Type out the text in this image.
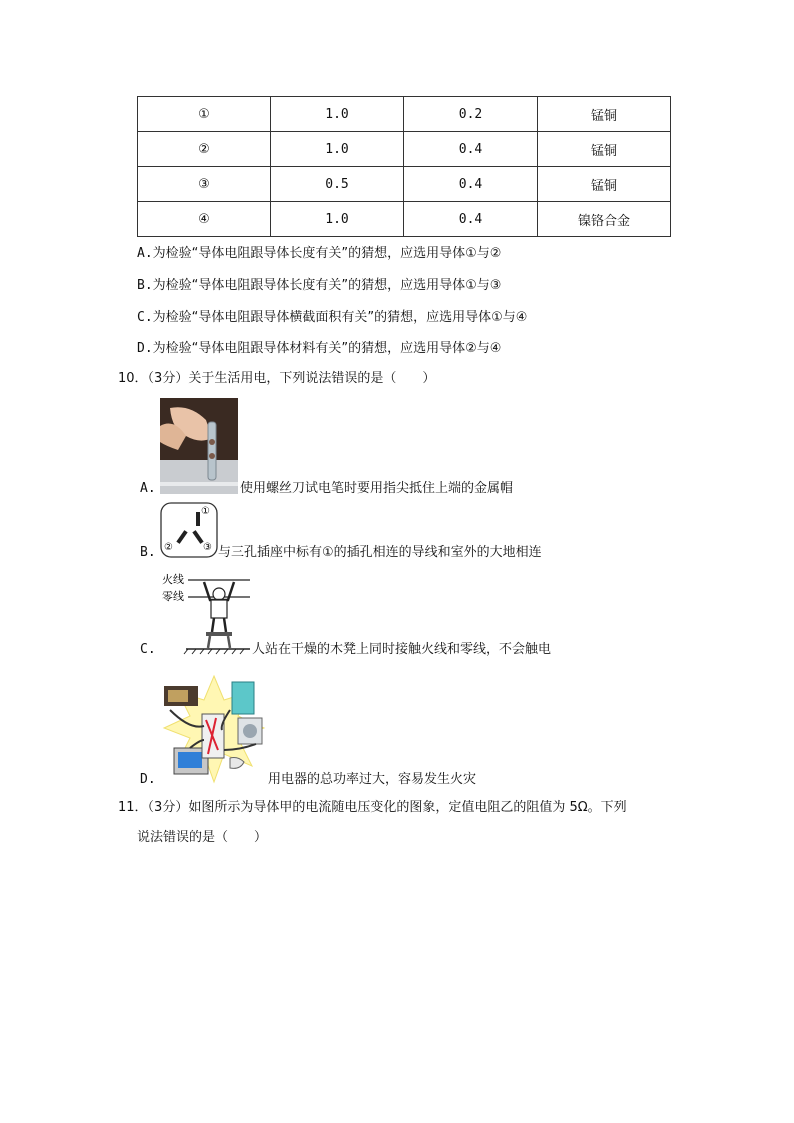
①	1.0	0.2	锰铜
②	1.0	0.4	锰铜
③	0.5	0.4	锰铜
④	1.0	0.4	镍铬合金
A.为检验“导体电阻跟导体长度有关”的猜想，应选用导体①与②
B.为检验“导体电阻跟导体长度有关”的猜想，应选用导体①与③
C.为检验“导体电阻跟导体横截面积有关”的猜想，应选用导体①与④
D.为检验“导体电阻跟导体材料有关”的猜想，应选用导体②与④
10．（3分）关于生活用电，下列说法错误的是（　　）
A.	使用螺丝刀试电笔时要用指尖抵住上端的金属帽
①
②	③
B.	与三孔插座中标有①的插孔相连的导线和室外的大地相连
火线
零线
C.	人站在干燥的木凳上同时接触火线和零线，不会触电
D.	用电器的总功率过大，容易发生火灾
11．（3分）如图所示为导体甲的电流随电压变化的图象，定值电阻乙的阻值为 5Ω。下列
说法错误的是（　　）
